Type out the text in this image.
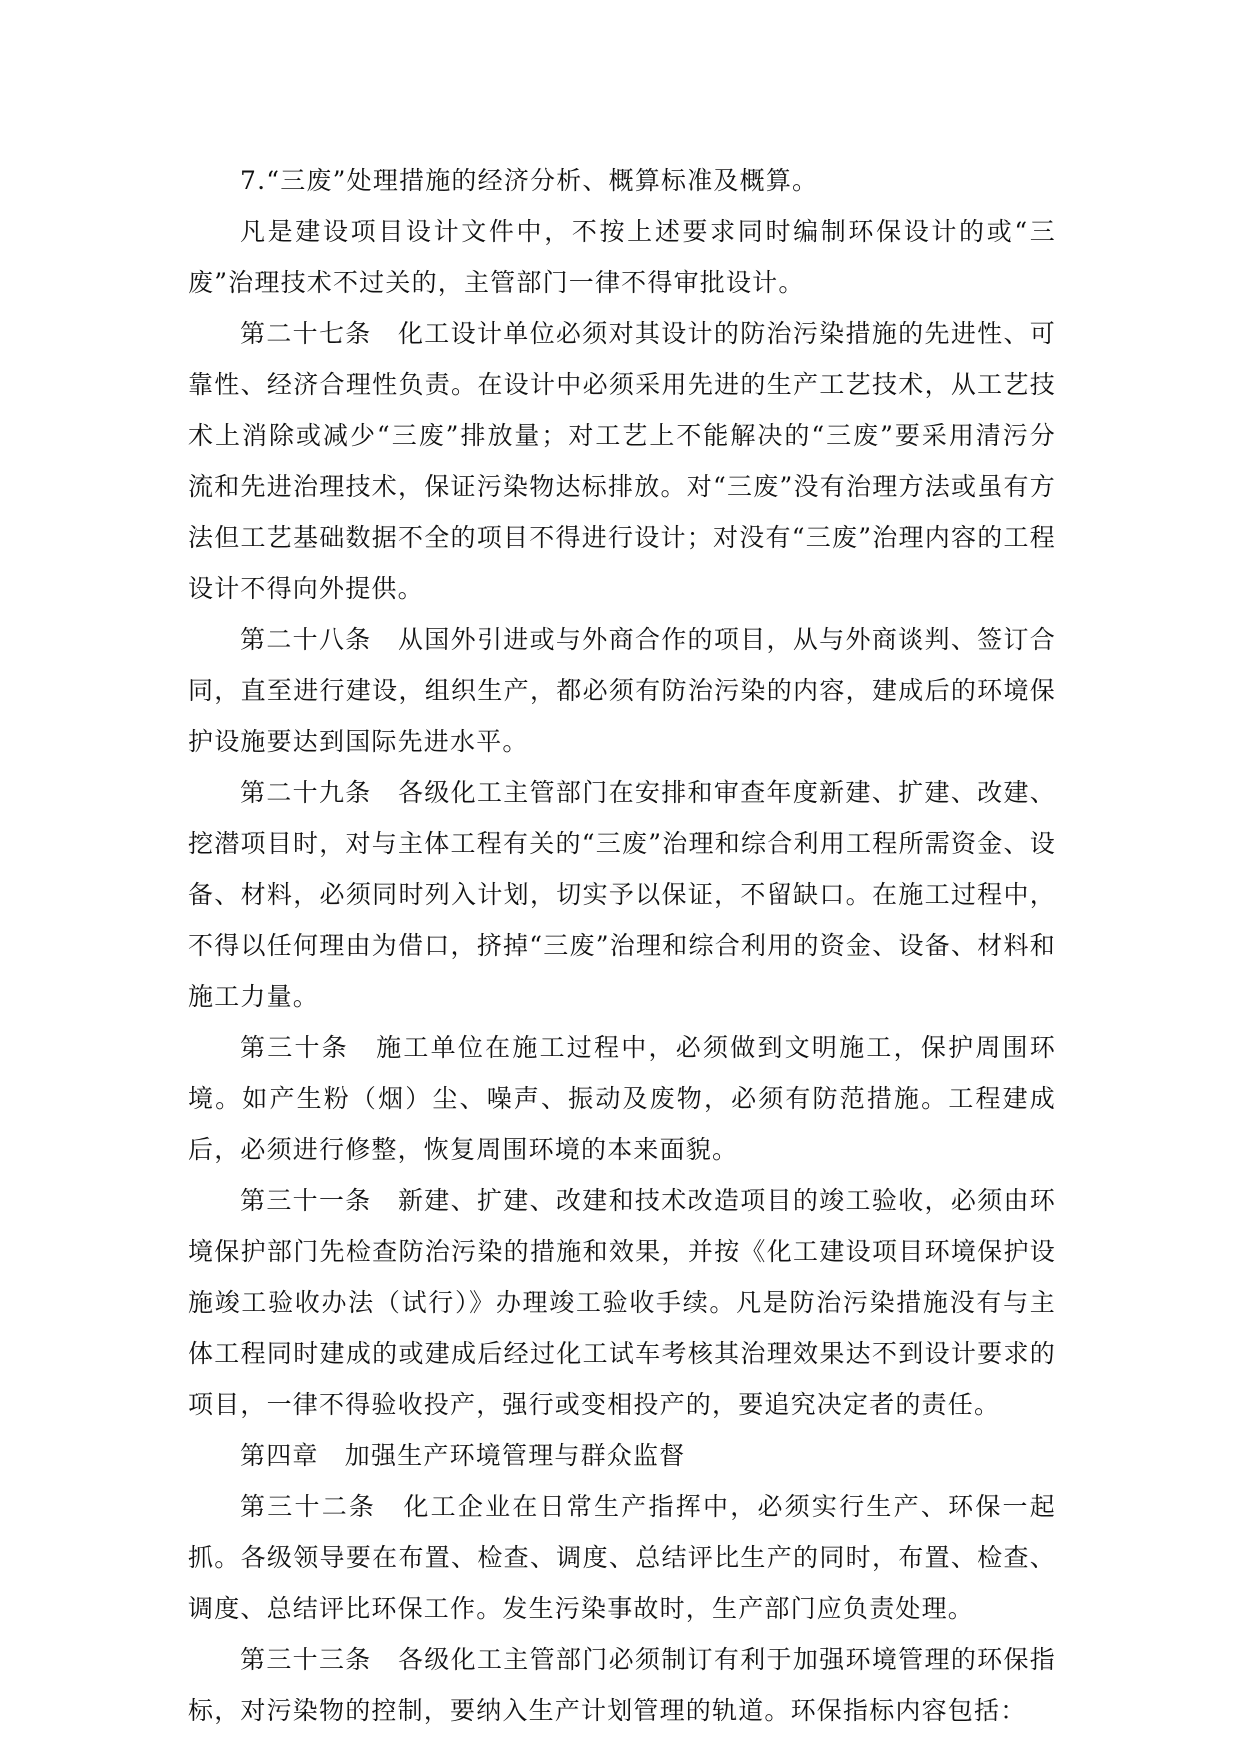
7.“三废”处理措施的经济分析、概算标准及概算。

凡是建设项目设计文件中，不按上述要求同时编制环保设计的或“三废”治理技术不过关的，主管部门一律不得审批设计。

第二十七条　化工设计单位必须对其设计的防治污染措施的先进性、可靠性、经济合理性负责。在设计中必须采用先进的生产工艺技术，从工艺技术上消除或减少“三废”排放量；对工艺上不能解决的“三废”要采用清污分流和先进治理技术，保证污染物达标排放。对“三废”没有治理方法或虽有方法但工艺基础数据不全的项目不得进行设计；对没有“三废”治理内容的工程设计不得向外提供。

第二十八条　从国外引进或与外商合作的项目，从与外商谈判、签订合同，直至进行建设，组织生产，都必须有防治污染的内容，建成后的环境保护设施要达到国际先进水平。

第二十九条　各级化工主管部门在安排和审查年度新建、扩建、改建、挖潜项目时，对与主体工程有关的“三废”治理和综合利用工程所需资金、设备、材料，必须同时列入计划，切实予以保证，不留缺口。在施工过程中，不得以任何理由为借口，挤掉“三废”治理和综合利用的资金、设备、材料和施工力量。

第三十条　施工单位在施工过程中，必须做到文明施工，保护周围环境。如产生粉（烟）尘、噪声、振动及废物，必须有防范措施。工程建成后，必须进行修整，恢复周围环境的本来面貌。

第三十一条　新建、扩建、改建和技术改造项目的竣工验收，必须由环境保护部门先检查防治污染的措施和效果，并按《化工建设项目环境保护设施竣工验收办法（试行）》办理竣工验收手续。凡是防治污染措施没有与主体工程同时建成的或建成后经过化工试车考核其治理效果达不到设计要求的项目，一律不得验收投产，强行或变相投产的，要追究决定者的责任。

第四章　加强生产环境管理与群众监督

第三十二条　化工企业在日常生产指挥中，必须实行生产、环保一起抓。各级领导要在布置、检查、调度、总结评比生产的同时，布置、检查、调度、总结评比环保工作。发生污染事故时，生产部门应负责处理。

第三十三条　各级化工主管部门必须制订有利于加强环境管理的环保指标，对污染物的控制，要纳入生产计划管理的轨道。环保指标内容包括：
